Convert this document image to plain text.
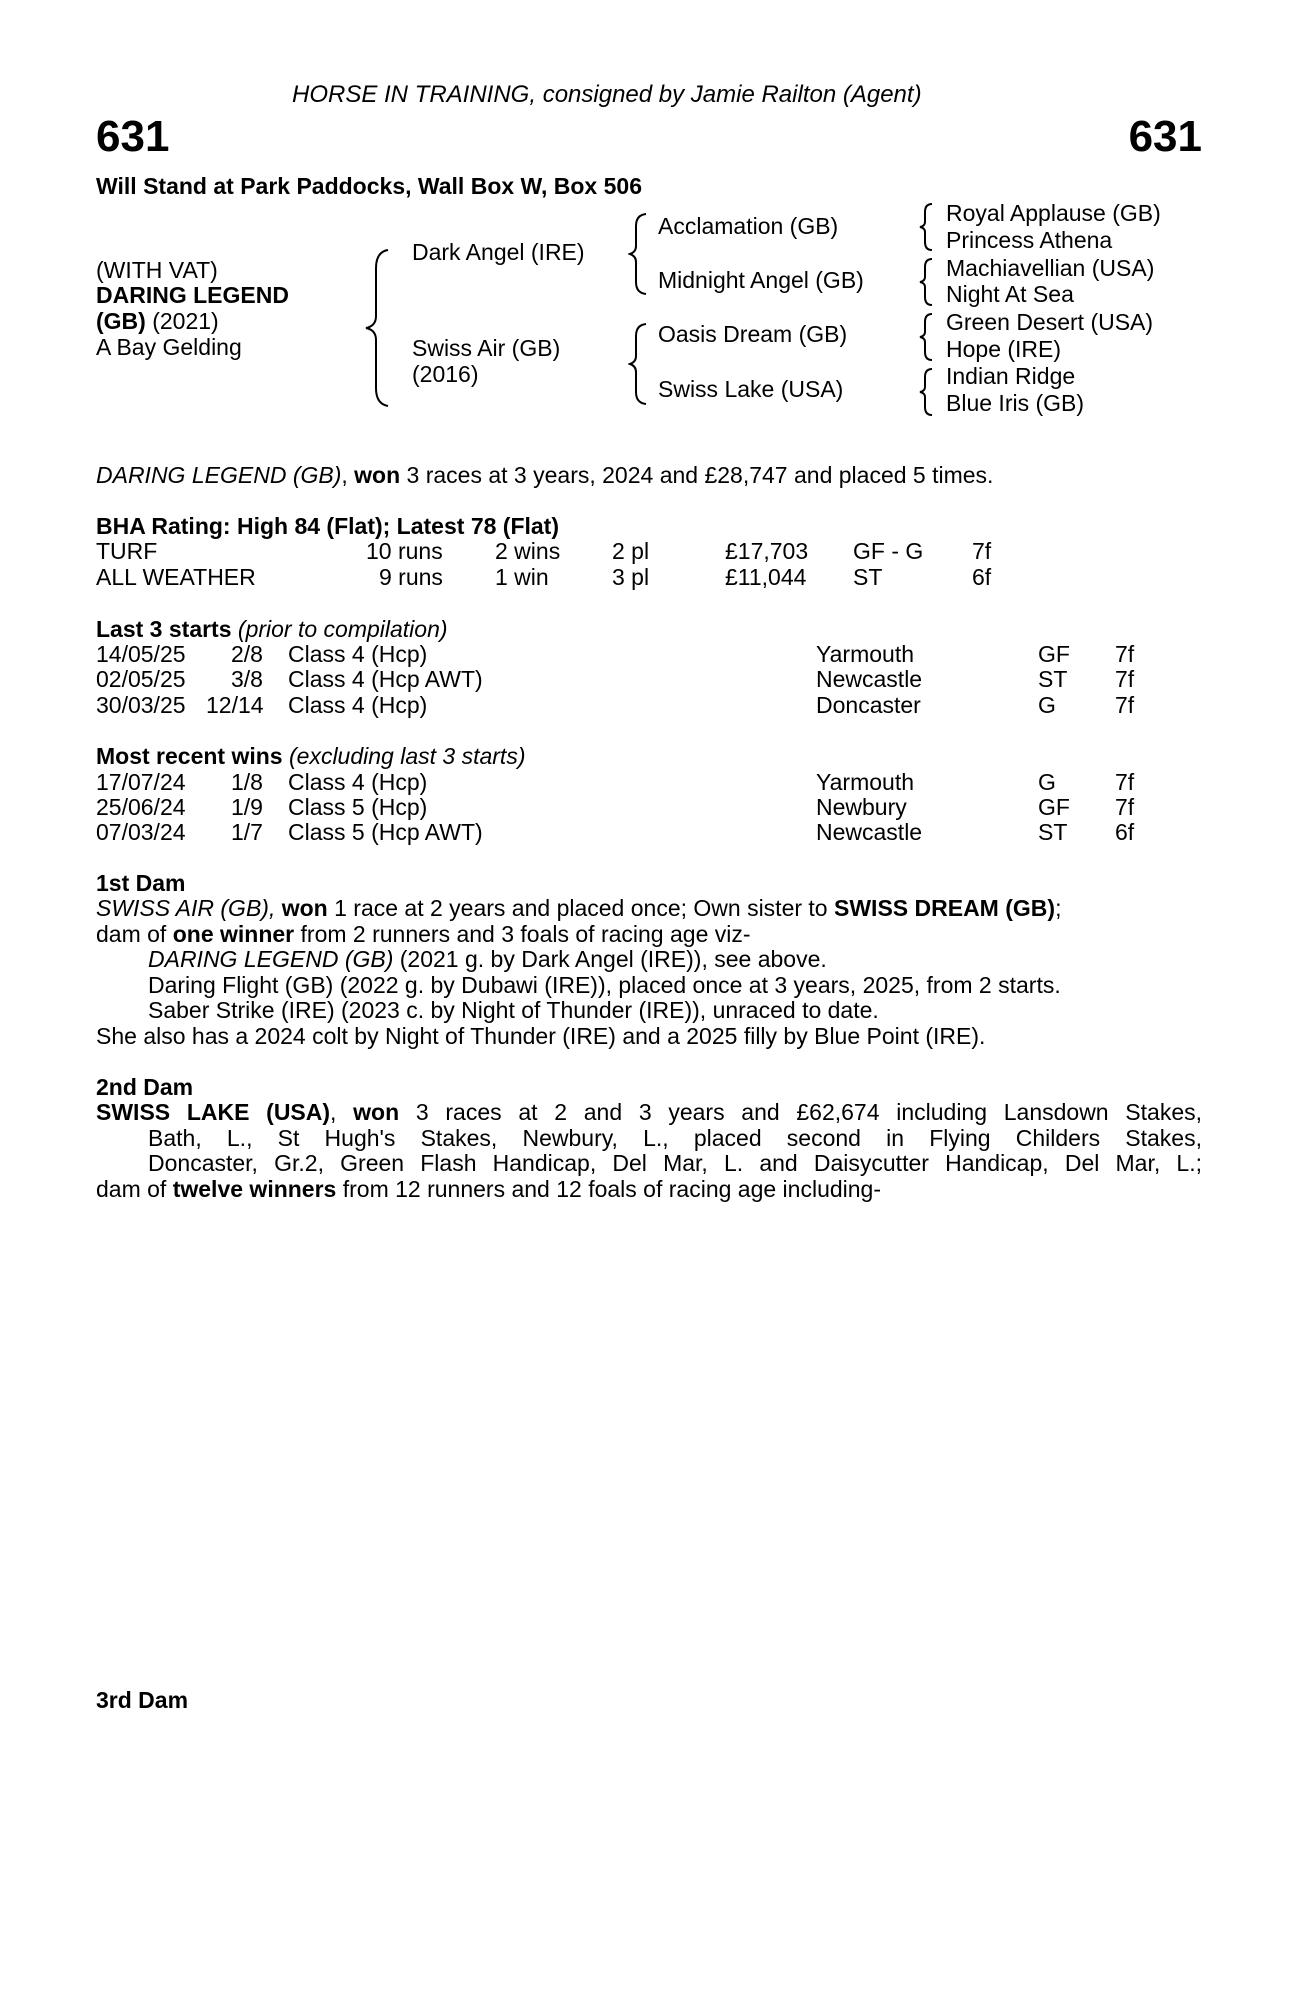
HORSE IN TRAINING, consigned by Jamie Railton (Agent)
631	631
Will Stand at Park Paddocks, Wall Box W, Box 506
(WITH VAT)
DARING LEGEND
(GB) (2021)
A Bay Gelding
Dark Angel (IRE)
Swiss Air (GB)
(2016)
Acclamation (GB)
Midnight Angel (GB)
Oasis Dream (GB)
Swiss Lake (USA)
Royal Applause (GB)
Princess Athena
Machiavellian (USA)
Night At Sea
Green Desert (USA)
Hope (IRE)
Indian Ridge
Blue Iris (GB)
DARING LEGEND (GB), won 3 races at 3 years, 2024 and £28,747 and placed 5 times.
BHA Rating: High 84 (Flat); Latest 78 (Flat)
TURF	10 runs 2 wins 2 pl	£17,703 GF - G 7f
ALL WEATHER	9 runs 1 win	3 pl	£11,044 ST	6f
Last 3 starts (prior to compilation)
14/05/25 2/8 Class 4 (Hcp)	Yarmouth	GF 7f
02/05/25 3/8 Class 4 (Hcp AWT)	Newcastle	ST 7f
30/03/25 12/14 Class 4 (Hcp)	Doncaster	G	7f
Most recent wins (excluding last 3 starts)
17/07/24 1/8 Class 4 (Hcp)	Yarmouth	G	7f
25/06/24 1/9 Class 5 (Hcp)	Newbury	GF 7f
07/03/24 1/7 Class 5 (Hcp AWT)	Newcastle	ST 6f
1st Dam
SWISS AIR (GB), won 1 race at 2 years and placed once; Own sister to SWISS DREAM (GB);
dam of one winner from 2 runners and 3 foals of racing age viz-
DARING LEGEND (GB) (2021 g. by Dark Angel (IRE)), see above.
Daring Flight (GB) (2022 g. by Dubawi (IRE)), placed once at 3 years, 2025, from 2 starts.
Saber Strike (IRE) (2023 c. by Night of Thunder (IRE)), unraced to date.
She also has a 2024 colt by Night of Thunder (IRE) and a 2025 filly by Blue Point (IRE).
2nd Dam
SWISS LAKE (USA), won 3 races at 2 and 3 years and £62,674 including Lansdown Stakes,
Bath, L., St Hugh's Stakes, Newbury, L., placed second in Flying Childers Stakes,
Doncaster, Gr.2, Green Flash Handicap, Del Mar, L. and Daisycutter Handicap, Del Mar, L.;
dam of twelve winners from 12 runners and 12 foals of racing age including-
3rd Dam
